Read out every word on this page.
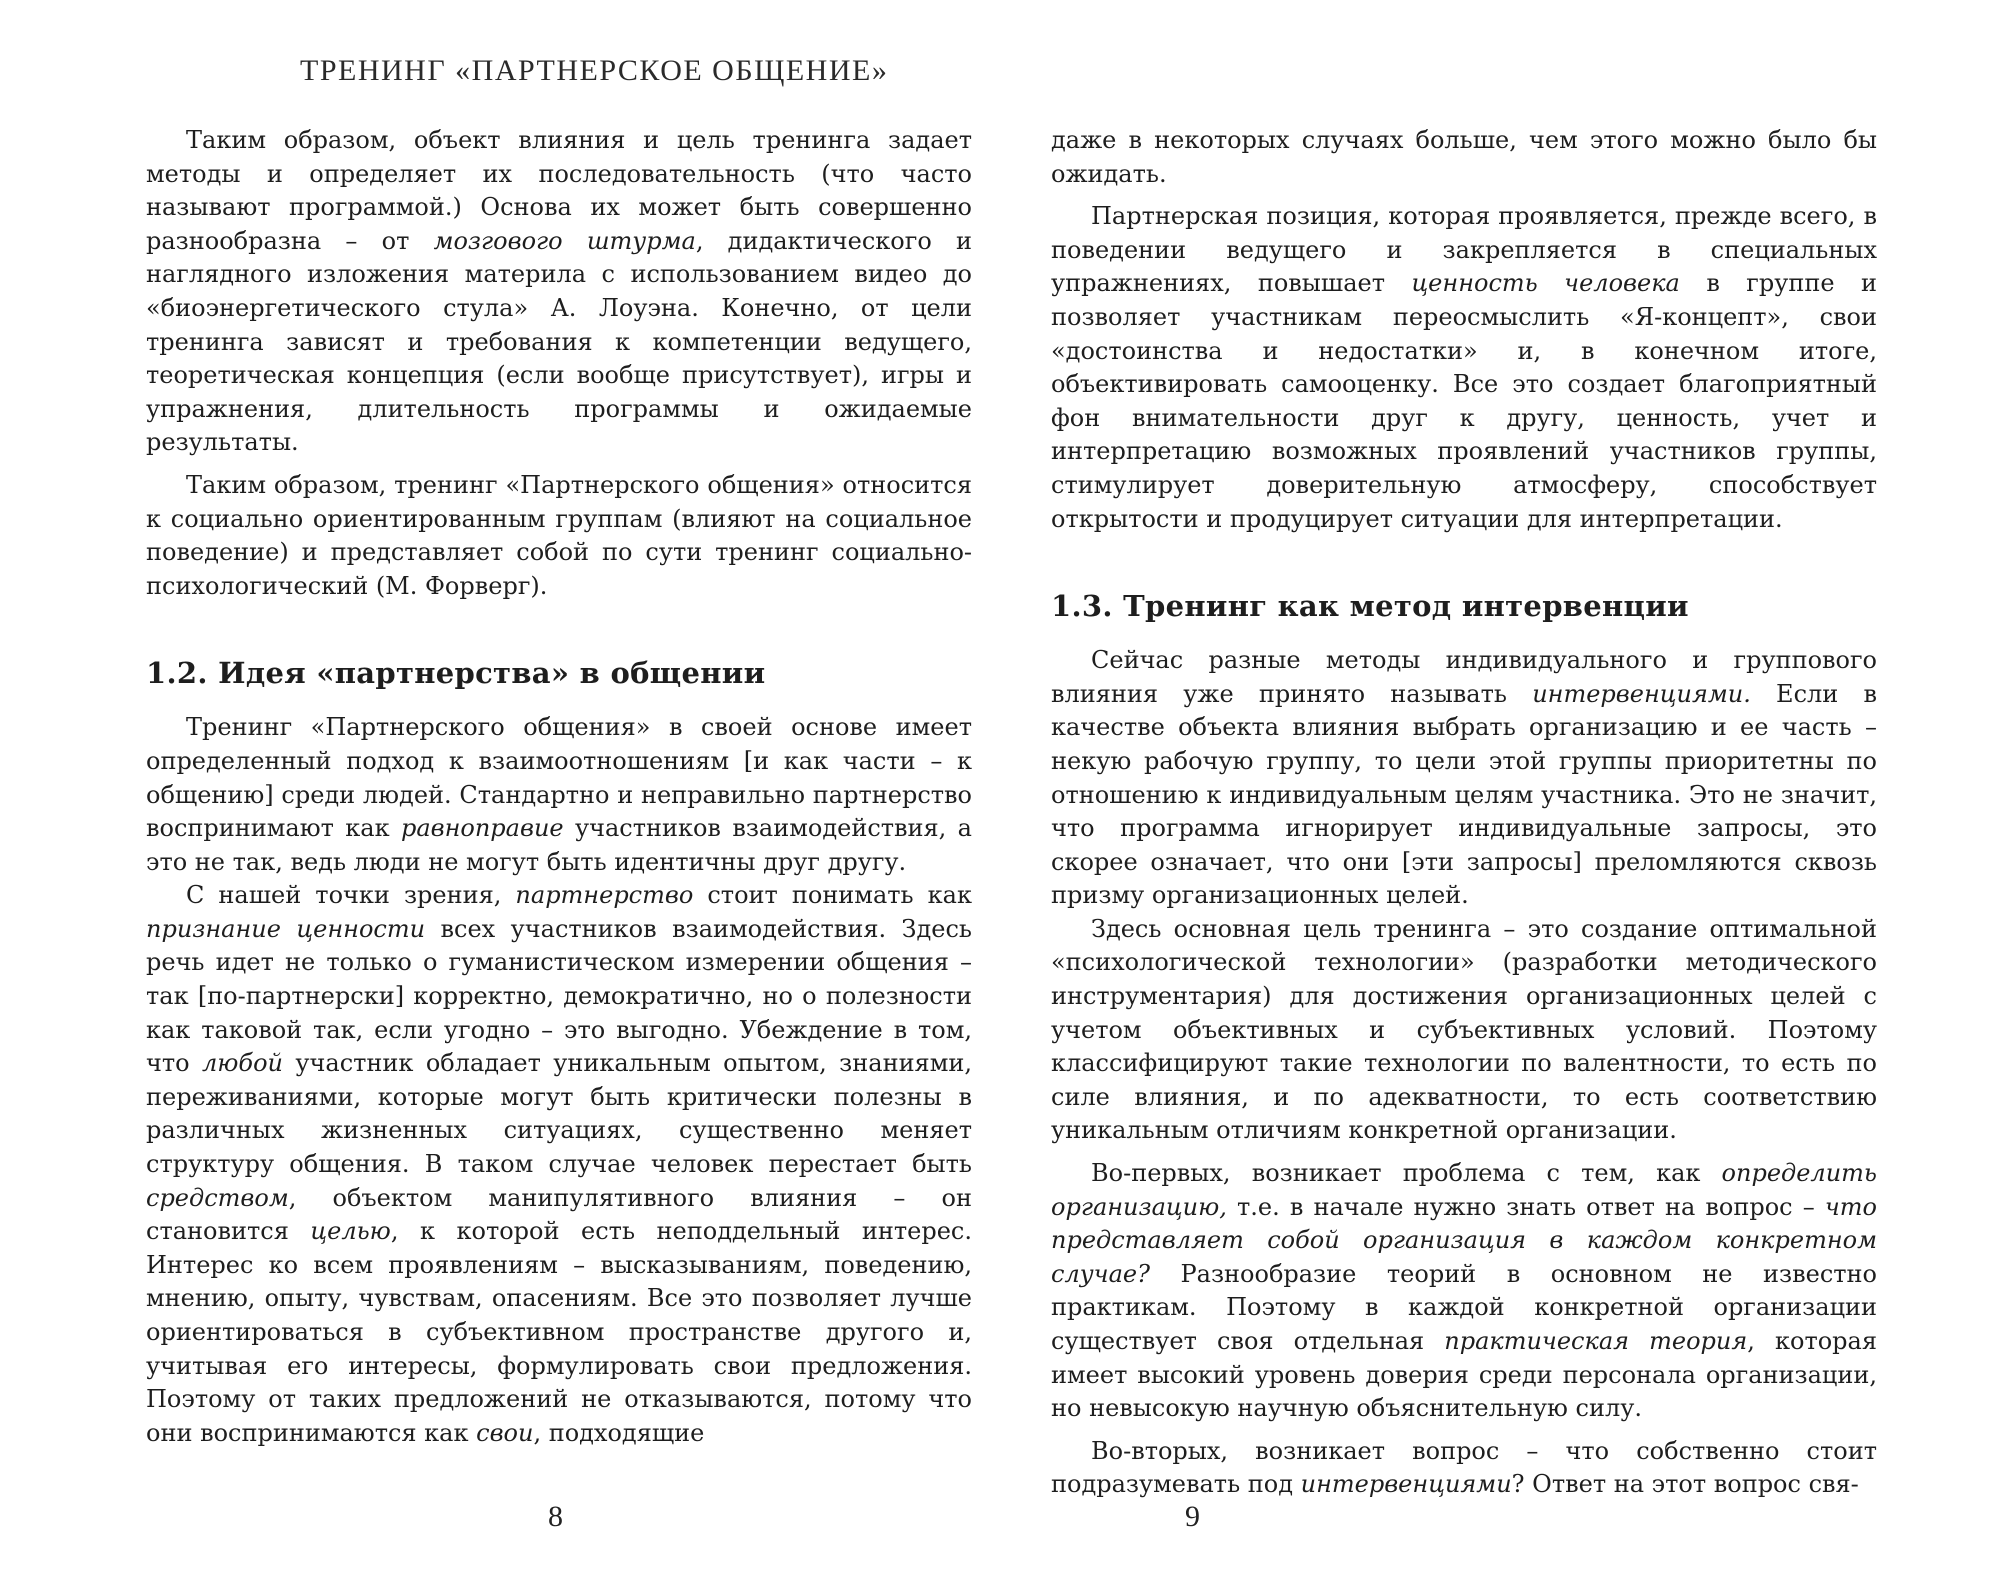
ТРЕНИНГ «ПАРТНЕРСКОЕ ОБЩЕНИЕ»

Таким образом, объект влияния и цель тренинга задает методы и определяет их последовательность (что часто называют программой.) Основа их может быть совершенно разнообразна – от мозгового штурма, дидактического и наглядного изложения материла с использованием видео до «биоэнергетического стула» А. Лоуэна. Конечно, от цели тренинга зависят и требования к компетенции ведущего, теоретическая концепция (если вообще присутствует), игры и упражнения, длительность программы и ожидаемые результаты.

Таким образом, тренинг «Партнерского общения» относится к социально ориентированным группам (влияют на социальное поведение) и представляет собой по сути тренинг социально-психологический (М. Форверг).

1.2. Идея «партнерства» в общении

Тренинг «Партнерского общения» в своей основе имеет определенный подход к взаимоотношениям [и как части – к общению] среди людей. Стандартно и неправильно партнерство воспринимают как равноправие участников взаимодействия, а это не так, ведь люди не могут быть идентичны друг другу.

С нашей точки зрения, партнерство стоит понимать как признание ценности всех участников взаимодействия. Здесь речь идет не только о гуманистическом измерении общения – так [по-партнерски] корректно, демократично, но о полезности как таковой так, если угодно – это выгодно. Убеждение в том, что любой участник обладает уникальным опытом, знаниями, переживаниями, которые могут быть критически полезны в различных жизненных ситуациях, существенно меняет структуру общения. В таком случае человек перестает быть средством, объектом манипулятивного влияния – он становится целью, к которой есть неподдельный интерес. Интерес ко всем проявлениям – высказываниям, поведению, мнению, опыту, чувствам, опасениям. Все это позволяет лучше ориентироваться в субъективном пространстве другого и, учитывая его интересы, формулировать свои предложения. Поэтому от таких предложений не отказываются, потому что они воспринимаются как свои, подходящие

8

даже в некоторых случаях больше, чем этого можно было бы ожидать.

Партнерская позиция, которая проявляется, прежде всего, в поведении ведущего и закрепляется в специальных упражнениях, повышает ценность человека в группе и позволяет участникам переосмыслить «Я-концепт», свои «достоинства и недостатки» и, в конечном итоге, объективировать самооценку. Все это создает благоприятный фон внимательности друг к другу, ценность, учет и интерпретацию возможных проявлений участников группы, стимулирует доверительную атмосферу, способствует открытости и продуцирует ситуации для интерпретации.

1.3. Тренинг как метод интервенции

Сейчас разные методы индивидуального и группового влияния уже принято называть интервенциями. Если в качестве объекта влияния выбрать организацию и ее часть – некую рабочую группу, то цели этой группы приоритетны по отношению к индивидуальным целям участника. Это не значит, что программа игнорирует индивидуальные запросы, это скорее означает, что они [эти запросы] преломляются сквозь призму организационных целей.

Здесь основная цель тренинга – это создание оптимальной «психологической технологии» (разработки методического инструментария) для достижения организационных целей с учетом объективных и субъективных условий. Поэтому классифицируют такие технологии по валентности, то есть по силе влияния, и по адекватности, то есть соответствию уникальным отличиям конкретной организации.

Во-первых, возникает проблема с тем, как определить организацию, т.е. в начале нужно знать ответ на вопрос – что представляет собой организация в каждом конкретном случае? Разнообразие теорий в основном не известно практикам. Поэтому в каждой конкретной организации существует своя отдельная практическая теория, которая имеет высокий уровень доверия среди персонала организации, но невысокую научную объяснительную силу.

Во-вторых, возникает вопрос – что собственно стоит подразумевать под интервенциями? Ответ на этот вопрос свя-

9
